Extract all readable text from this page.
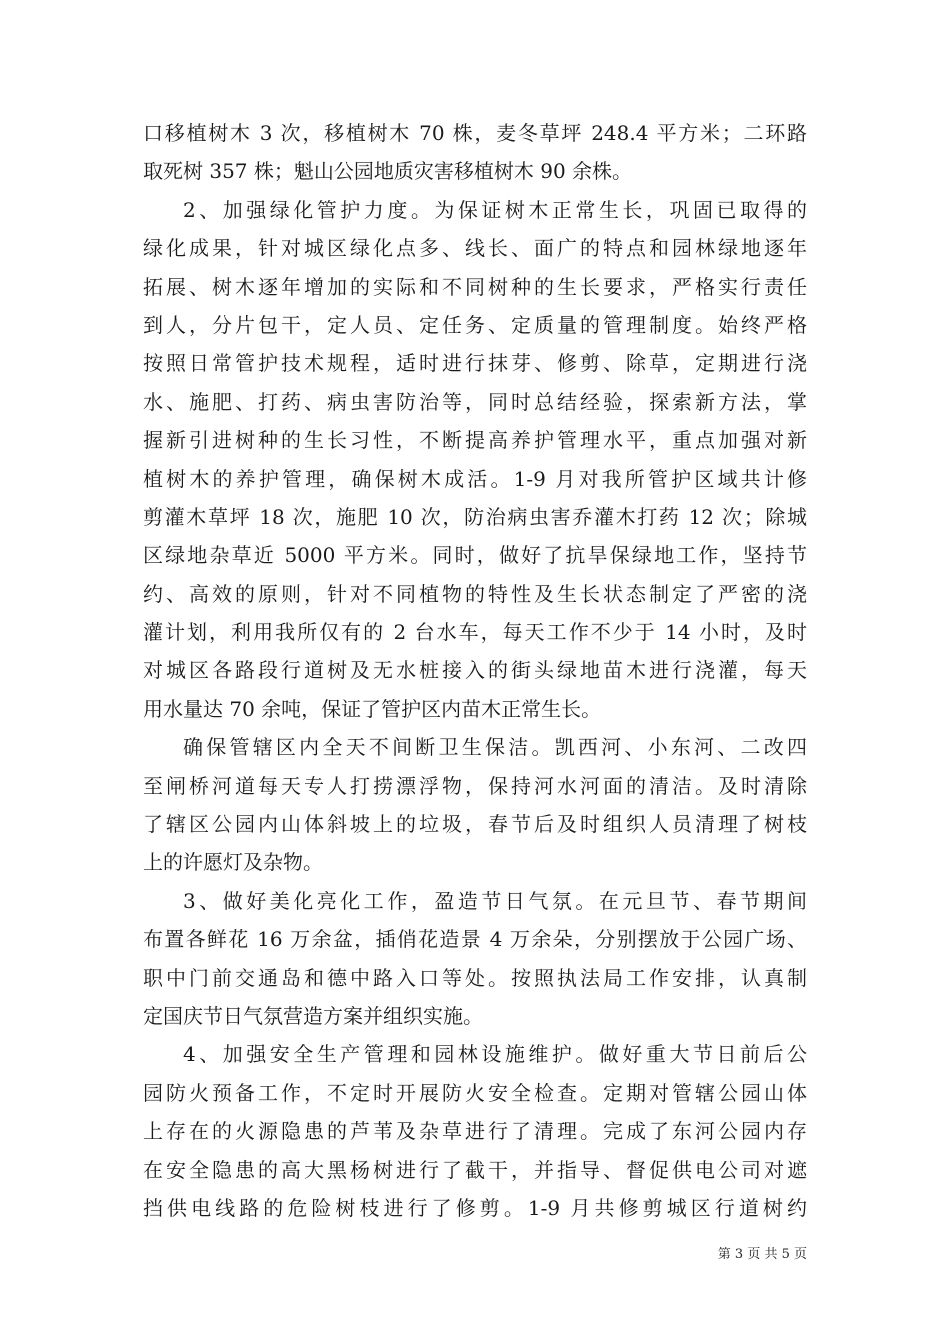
口移植树木 3 次，移植树木 70 株，麦冬草坪 248.4 平方米；二环路
取死树 357 株；魁山公园地质灾害移植树木 90 余株。
2、加强绿化管护力度。为保证树木正常生长，巩固已取得的
绿化成果，针对城区绿化点多、线长、面广的特点和园林绿地逐年
拓展、树木逐年增加的实际和不同树种的生长要求，严格实行责任
到人，分片包干，定人员、定任务、定质量的管理制度。始终严格
按照日常管护技术规程，适时进行抹芽、修剪、除草，定期进行浇
水、施肥、打药、病虫害防治等，同时总结经验，探索新方法，掌
握新引进树种的生长习性，不断提高养护管理水平，重点加强对新
植树木的养护管理，确保树木成活。1-9 月对我所管护区域共计修
剪灌木草坪 18 次，施肥 10 次，防治病虫害乔灌木打药 12 次；除城
区绿地杂草近 5000 平方米。同时，做好了抗旱保绿地工作，坚持节
约、高效的原则，针对不同植物的特性及生长状态制定了严密的浇
灌计划，利用我所仅有的 2 台水车，每天工作不少于 14 小时，及时
对城区各路段行道树及无水桩接入的街头绿地苗木进行浇灌，每天
用水量达 70 余吨，保证了管护区内苗木正常生长。
确保管辖区内全天不间断卫生保洁。凯西河、小东河、二改四
至闸桥河道每天专人打捞漂浮物，保持河水河面的清洁。及时清除
了辖区公园内山体斜坡上的垃圾，春节后及时组织人员清理了树枝
上的许愿灯及杂物。
3、做好美化亮化工作，盈造节日气氛。在元旦节、春节期间
布置各鲜花 16 万余盆，插俏花造景 4 万余朵，分别摆放于公园广场、
职中门前交通岛和德中路入口等处。按照执法局工作安排，认真制
定国庆节日气氛营造方案并组织实施。
4、加强安全生产管理和园林设施维护。做好重大节日前后公
园防火预备工作，不定时开展防火安全检查。定期对管辖公园山体
上存在的火源隐患的芦苇及杂草进行了清理。完成了东河公园内存
在安全隐患的高大黑杨树进行了截干，并指导、督促供电公司对遮
挡供电线路的危险树枝进行了修剪。1-9 月共修剪城区行道树约
第 3 页 共 5 页
